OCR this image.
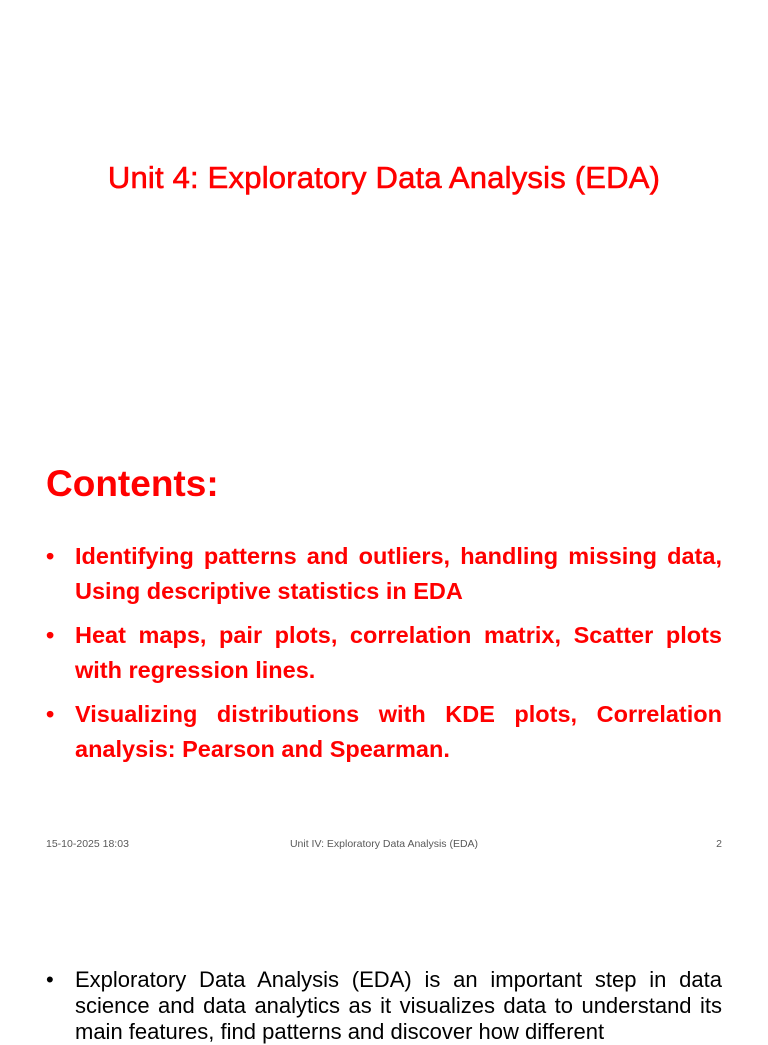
Unit 4: Exploratory Data Analysis (EDA)
Contents:
• Identifying patterns and outliers, handling missing data, Using descriptive statistics in EDA
• Heat maps, pair plots, correlation matrix, Scatter plots with regression lines.
• Visualizing distributions with KDE plots, Correlation analysis: Pearson and Spearman.
15-10-2025 18:03	Unit IV: Exploratory Data Analysis (EDA)	2
• Exploratory Data Analysis (EDA) is an important step in data science and data analytics as it visualizes data to understand its main features, find patterns and discover how different
